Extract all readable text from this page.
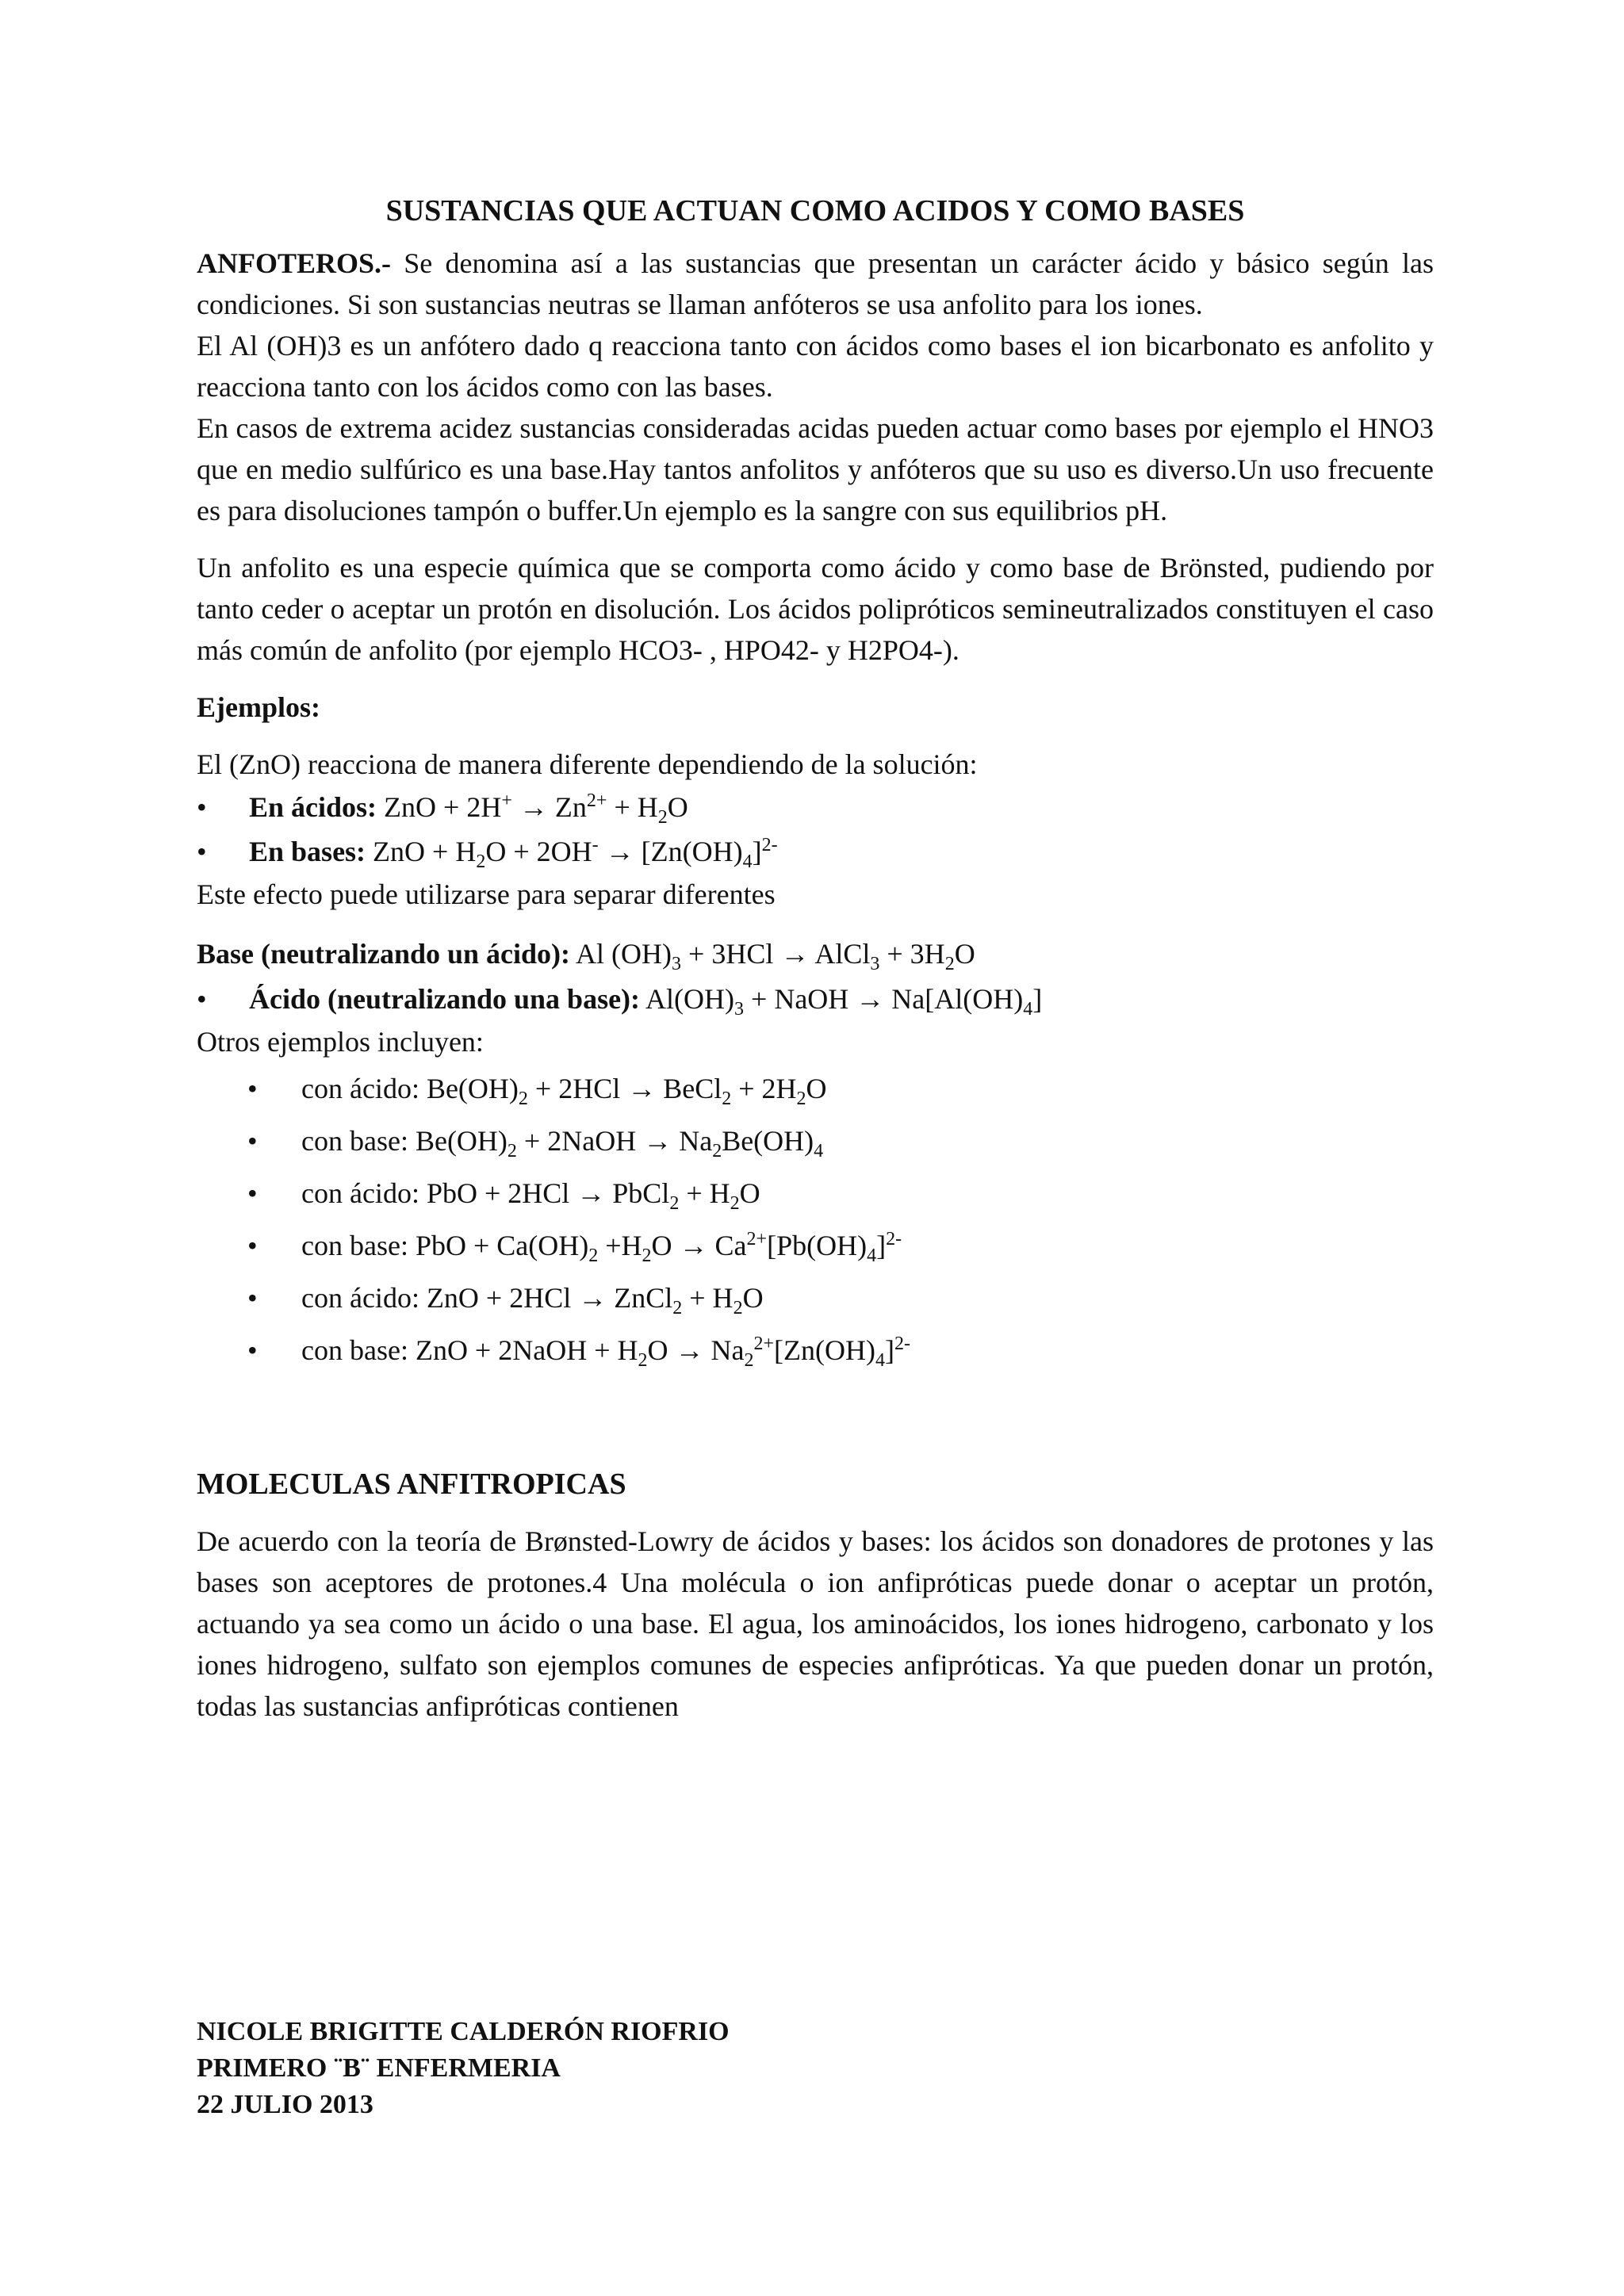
SUSTANCIAS QUE ACTUAN COMO ACIDOS Y COMO BASES

ANFOTEROS.- Se denomina así a las sustancias que presentan un carácter ácido y básico según las condiciones. Si son sustancias neutras se llaman anfóteros se usa anfolito para los iones.

El Al (OH)3 es un anfótero dado q reacciona tanto con ácidos como bases el ion bicarbonato es anfolito y reacciona tanto con los ácidos como con las bases.

En casos de extrema acidez sustancias consideradas acidas pueden actuar como bases por ejemplo el HNO3 que en medio sulfúrico es una base.Hay tantos anfolitos y anfóteros que su uso es diverso.Un uso frecuente es para disoluciones tampón o buffer.Un ejemplo es la sangre con sus equilibrios pH.

Un anfolito es una especie química que se comporta como ácido y como base de Brönsted, pudiendo por tanto ceder o aceptar un protón en disolución. Los ácidos polipróticos semineutralizados constituyen el caso más común de anfolito (por ejemplo HCO3- , HPO42- y H2PO4-).

Ejemplos:

El (ZnO) reacciona de manera diferente dependiendo de la solución:

• En ácidos: ZnO + $2H^+ \to Zn^{2+} + H_2O$
• En bases: ZnO + $H_2O + 2OH^- \to [Zn(OH)_4]^{2-}$

Este efecto puede utilizarse para separar diferentes

Base (neutralizando un ácido): Al $(OH)_3 + 3HCl$ → AlCl$_3$ + $3H_2O$

• Ácido (neutralizando una base): $Al(OH)_3$ + NaOH → $Na[Al(OH)_4]$

Otros ejemplos incluyen:

• con ácido: $Be(OH)_2 + 2HCl$ → BeCl$_2$ + $2H_2O$
• con base: $Be(OH)_2$ + 2NaOH → $Na_2Be(OH)_4$
• con ácido: PbO + 2HCl → PbCl$_2$ + $H_2O$
• con base: PbO + $Ca(OH)_2 +H_2O \to Ca^{2+}[Pb(OH)_4]^{2-}$
• con ácido: ZnO + 2HCl → ZnCl$_2$ + $H_2O$
• con base: ZnO + 2NaOH + $H_2O \to Na_2^{2+}[Zn(OH)_4]^{2-}$

MOLECULAS ANFITROPICAS

De acuerdo con la teoría de Brønsted-Lowry de ácidos y bases: los ácidos son donadores de protones y las bases son aceptores de protones.4 Una molécula o ion anfipróticas puede donar o aceptar un protón, actuando ya sea como un ácido o una base. El agua, los aminoácidos, los iones hidrogeno, carbonato y los iones hidrogeno, sulfato son ejemplos comunes de especies anfipróticas. Ya que pueden donar un protón, todas las sustancias anfipróticas contienen

NICOLE BRIGITTE CALDERÓN RIOFRIO
PRIMERO ¨B¨ ENFERMERIA
22 JULIO 2013
